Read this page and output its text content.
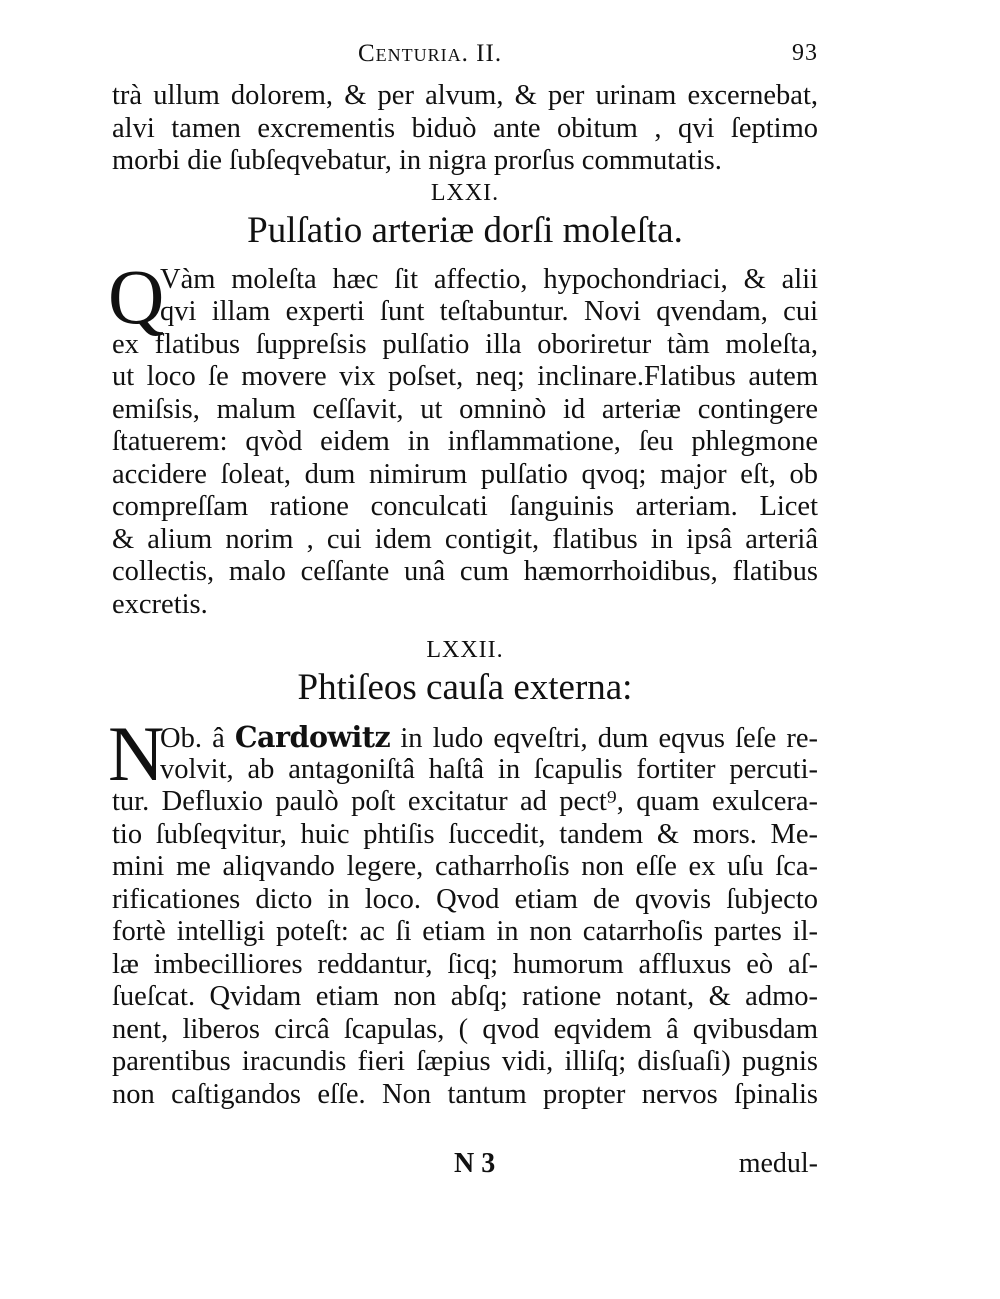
Centuria. II.	93
trà ullum dolorem, & per alvum, & per urinam excernebat,
alvi tamen excrementis biduò ante obitum , qvi ſeptimo
morbi die ſubſeqvebatur, in nigra prorſus commutatis.
LXXI.
Pulſatio arteriæ dorſi moleſta.
Q
Vàm moleſta hæc ſit affectio, hypochondriaci, & alii
qvi illam experti ſunt teſtabuntur. Novi qvendam, cui
ex flatibus ſuppreſsis pulſatio illa oboriretur tàm moleſta,
ut loco ſe movere vix poſset, neq; inclinare.Flatibus autem
emiſsis, malum ceſſavit, ut omninò id arteriæ contingere
ſtatuerem: qvòd eidem in inflammatione, ſeu phlegmone
accidere ſoleat, dum nimirum pulſatio qvoq; major eſt, ob
compreſſam ratione conculcati ſanguinis arteriam. Licet
& alium norim , cui idem contigit, flatibus in ipsâ arteriâ
collectis, malo ceſſante unâ cum hæmorrhoidibus, flatibus
excretis.
LXXII.
Phtiſeos cauſa externa:
N
Ob. â Cardowitz in ludo eqveſtri, dum eqvus ſeſe re-
volvit, ab antagoniſtâ haſtâ in ſcapulis fortiter percuti-
tur. Defluxio paulò poſt excitatur ad pect⁹, quam exulcera-
tio ſubſeqvitur, huic phtiſis ſuccedit, tandem & mors. Me-
mini me aliqvando legere, catharrhoſis non eſſe ex uſu ſca-
rificationes dicto in loco. Qvod etiam de qvovis ſubjecto
fortè intelligi poteſt: ac ſi etiam in non catarrhoſis partes il-
læ imbecilliores reddantur, ſicq; humorum affluxus eò aſ-
ſueſcat. Qvidam etiam non abſq; ratione notant, & admo-
nent, liberos circâ ſcapulas, ( qvod eqvidem â qvibusdam
parentibus iracundis fieri ſæpius vidi, illiſq; disſuaſi) pugnis
non caſtigandos eſſe. Non tantum propter nervos ſpinalis
N 3	medul-
